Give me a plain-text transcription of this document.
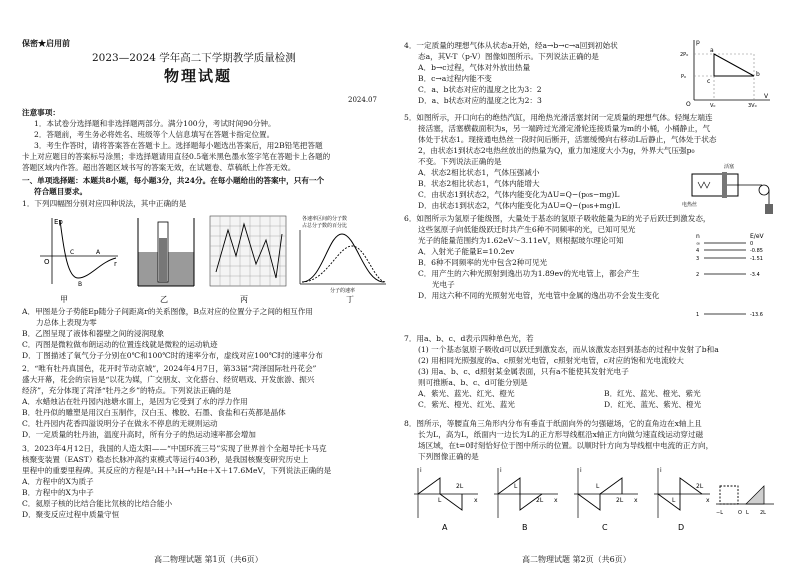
保密★启用前
2023—2024 学年高二下学期教学质量检测
物理试题
2024.07
注意事项：
1．本试卷分选择题和非选择题两部分。满分100分，考试时间90分钟。
2．答题前，考生务必将姓名、班级等个人信息填写在答题卡指定位置。
3．考生作答时，请将答案答在答题卡上。选择题每小题选出答案后，用2B铅笔把答题
卡上对应题目的答案标号涂黑；非选择题请用直径0.5毫米黑色墨水签字笔在答题卡上各题的
答题区域内作答。超出答题区域书写的答案无效，在试题卷、草稿纸上作答无效。
一、单项选择题：本题共8小题，每小题3分，共24分。在每小题给出的答案中，只有一个
符合题目要求。
1．下列四幅图分别对应四种说法，其中正确的是
Ep
r
O
C
B
A
甲	乙	丙
各速率区间的分子数
占总分子数的百分比
分子的速率
丁
A．甲图是分子势能Ep随分子间距离r的关系图像，B点对应的位置分子之间的相互作用
力总体上表现为零
B．乙图呈现了液体和器壁之间的浸润现象
C．丙图是微粒做布朗运动的位置连线就是微粒的运动轨迹
D．丁图描述了氧气分子分别在0℃和100℃时的速率分布，虚线对应100℃时的速率分布
2．“唯有牡丹真国色，花开时节动京城”，2024年4月7日，第33届“菏泽国际牡丹花会”
盛大开幕，花会的宗旨是“以花为媒，广交朋友、文化搭台、经贸唱戏、开发旅游、振兴
经济”，充分体现了菏泽“牡丹之乡”的特点。下列说法正确的是
A．水蜡烛沾在牡丹园内池塘水面上，是因为它受到了水的浮力作用
B．牡丹似的雕塑是用汉白玉制作，汉白玉、橡胶、石墨、食盐和石英都是晶体
C．牡丹园内花香四溢说明分子在做永不停息的无规则运动
D．一定质量的牡丹油，温度升高时，所有分子的热运动速率都会增加
3．2023年4月12日，我国的人造太阳——“中国环流三号”实现了世界首个全超导托卡马克
核聚变装置（EAST）稳态长脉冲高约束模式等运行403秒，是我国核聚变研究历史上
里程中的重要里程碑。其反应的方程是²₁H＋³₁H→⁴₂He＋X＋17.6MeV，下列说法正确的是
A．方程中的X为质子
B．方程中的X为中子
C．氦原子核的比结合能比氘核的比结合能小
D．聚变反应过程中质量守恒
高二物理试题 第1页（共6页）
4．一定质量的理想气体从状态a开始，经a→b→c→a回到初始状
态a，其V-T（p-V）图像如图所示。下列说法正确的是
A．b→c过程，气体对外放出热量
B．c→a过程内能不变
C．a、b状态对应的温度之比为3：2
D．a、b状态对应的温度之比为2：3
p
V
O
2P₀
P₀
V₀	3V₀
a
b
c
5．如图所示，开口向右的绝热汽缸，用绝热光滑活塞封闭一定质量的理想气体。轻绳左端连
接活塞，活塞横截面积为s，另一端跨过光滑定滑轮连接质量为m的小桶，小桶静止，气
体处于状态1。现接通电热丝一段时间后断开，活塞缓慢向右移动L后静止，气体处于状态
2，由状态1到状态2电热丝放出的热量为Q，重力加速度大小为g，外界大气压强p₀
不变。下列说法正确的是
A．状态2相比状态1，气体压强减小
B．状态2相比状态1，气体内能增大
C．由状态1到状态2，气体内能变化为ΔU=Q−(p₀s−mg)L
D．由状态1到状态2，气体内能变化为ΔU=Q−(p₀s+mg)L	电热丝
活塞
6．如图所示为氢原子能级图，大量处于基态的氢原子吸收能量为E的光子后跃迁到激发态，
这些氢原子向低能级跃迁时共产生6种不同频率的光，已知可见光
光子的能量范围约为1.62eV～3.11eV，则根据玻尔理论可知
A．入射光子能量E=10.2ev
B．6种不同频率的光中包含2种可见光
C．用产生的六种光照射到逸出功为1.89ev的光电管上，都会产生
光电子
D．用这六种不同的光照射光电管，光电管中金属的逸出功不会发生变化
n	E/eV
∞	0
4	-0.85
3	-1.51
2	-3.4
1	-13.6
7．用a、b、c、d表示四种单色光，若
(1) 一个基态氢原子吸收d可以跃迁到激发态，而从该激发态回到基态的过程中发射了b和a
(2) 用相同光照强度的a、c照射光电管，c照射光电管，c对应的饱和光电流较大
(3) 用a、b、c、d照射某金属表面，只有a不能使其发射光电子
则可推断a、b、c、d可能分别是
A．紫光、蓝光、红光、橙光
C．紫光、橙光、红光、蓝光
B．红光、蓝光、橙光、紫光
D．红光、蓝光、紫光、橙光
8．图所示，等腰直角三角形内分布有垂直于纸面向外的匀强磁场，它的直角边在x轴上且
长为L，高为L，纸面内一边长为L的正方形导线框沿x轴正方向做匀速直线运动穿过磁
场区域，在t=0时刻恰好位于图中所示的位置。以顺时针方向为导线框中电流的正方向，
下列图像正确的是
i
x
L
2L
A
i
x
L
2L
B
i
x
L
2L
C
i
x
L
2L
D
−L	O L 2L
高二物理试题 第2页（共6页）
